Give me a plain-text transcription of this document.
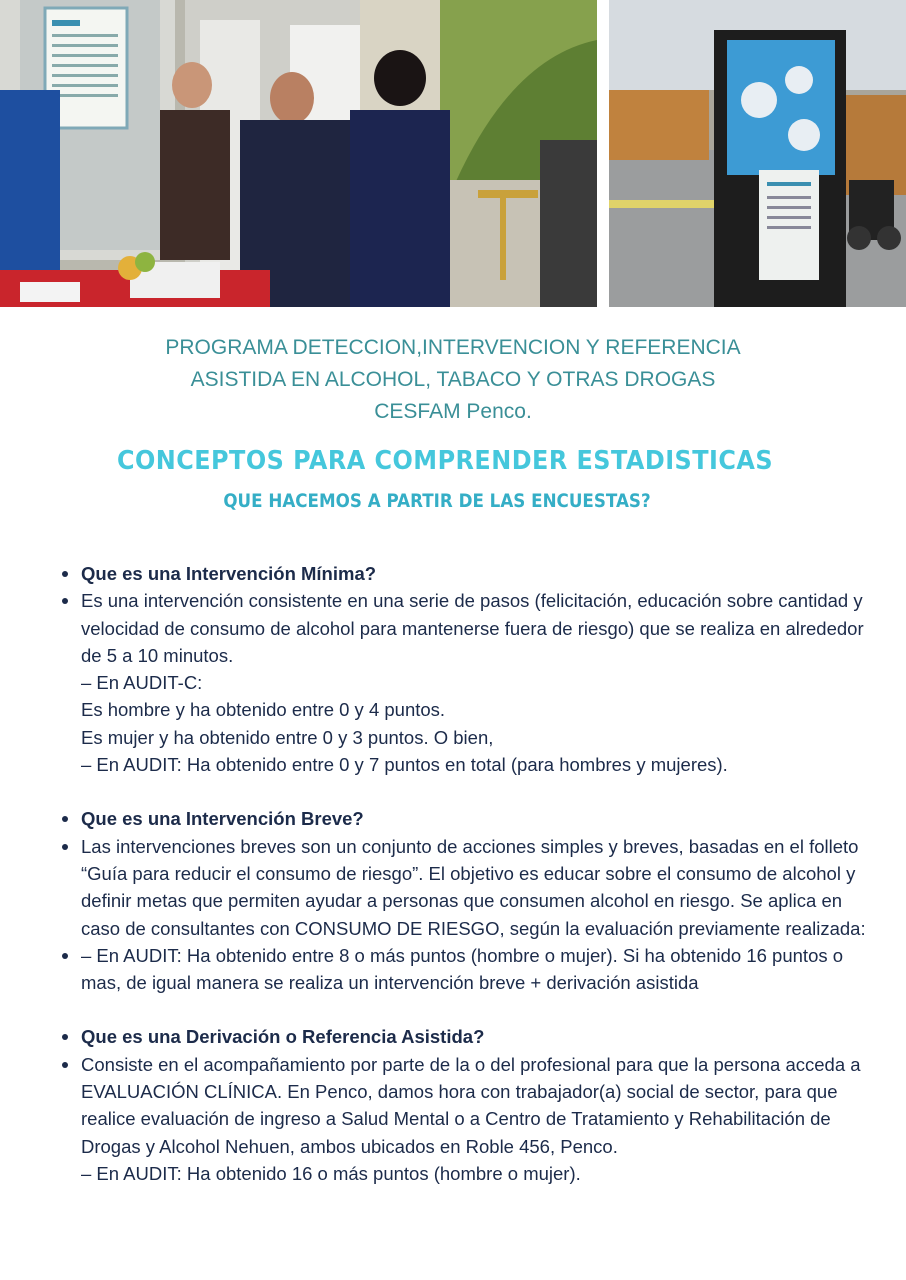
PROGRAMA DETECCION,INTERVENCION Y REFERENCIA
ASISTIDA EN ALCOHOL, TABACO Y OTRAS DROGAS
CESFAM Penco.
CONCEPTOS PARA COMPRENDER ESTADISTICAS
QUE HACEMOS A PARTIR DE LAS ENCUESTAS?

Que es una Intervención Mínima?

Es una intervención consistente en una serie de pasos (felicitación, educación sobre cantidad y velocidad de consumo de alcohol para mantenerse fuera de riesgo) que se realiza en alrededor de 5 a 10 minutos.
– En AUDIT-C:
Es hombre y ha obtenido entre 0 y 4 puntos.
Es mujer y ha obtenido entre 0 y 3 puntos. O bien,
– En AUDIT: Ha obtenido entre 0 y 7 puntos en total (para hombres y mujeres).

Que es una Intervención Breve?

Las intervenciones breves son un conjunto de acciones simples y breves, basadas en el folleto “Guía para reducir el consumo de riesgo”. El objetivo es educar sobre el consumo de alcohol y definir metas que permiten ayudar a personas que consumen alcohol en riesgo. Se aplica en caso de consultantes con CONSUMO DE RIESGO, según la evaluación previamente realizada:

– En AUDIT: Ha obtenido entre 8 o más puntos (hombre o mujer). Si ha obtenido 16 puntos o mas, de igual manera se realiza un intervención breve + derivación asistida

Que es una Derivación o Referencia Asistida?

Consiste en el acompañamiento por parte de la o del profesional para que la persona acceda a EVALUACIÓN CLÍNICA. En Penco, damos hora con trabajador(a) social de sector, para que realice evaluación de ingreso a Salud Mental o a Centro de Tratamiento y Rehabilitación de Drogas y Alcohol Nehuen, ambos ubicados en Roble 456, Penco.
– En AUDIT: Ha obtenido 16 o más puntos (hombre o mujer).
